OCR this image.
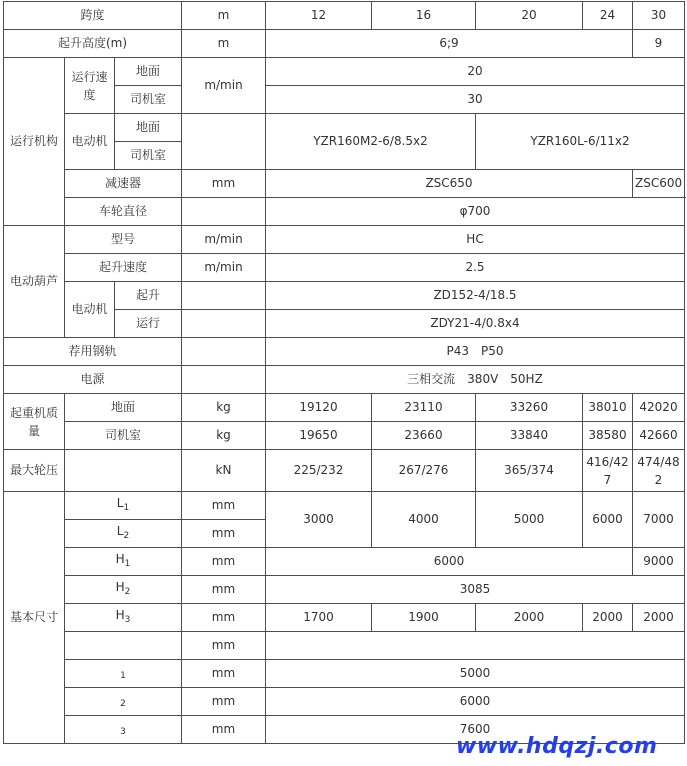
跨度			m	12	16	20	24	30
起升高度(m)			m	6;9				9
运行机构	运行速度	地面	m/min	20				
		司机室		30				
	电动机	地面		YZR160M2-6/8.5x2		YZR160L-6/11x2		
		司机室						
	减速器		mm	ZSC650				ZSC600
	车轮直径			φ700				
电动葫芦	型号		m/min	HC				
	起升速度		m/min	2.5				
	电动机	起升		ZD152-4/18.5				
		运行		ZDY21-4/0.8x4				
荐用钢轨				P43　P50				
电源				三相交流　380V　50HZ				
起重机质量	地面		kg	19120	23110	33260	38010	42020
	司机室		kg	19650	23660	33840	38580	42660
最大轮压			kN	225/232	267/276	365/374	416/427	474/482
基本尺寸	$L_1$		mm	3000	4000	5000	6000	7000
	$L_2$		mm					
	$H_1$		mm	6000				9000
	$H_2$		mm	3085				
	$H_3$		mm	1700	1900	2000	2000	2000
			mm					
	$_1$		mm	5000				
	$_2$		mm	6000				
	$_3$		mm	7600				
www.hdqzj.com
